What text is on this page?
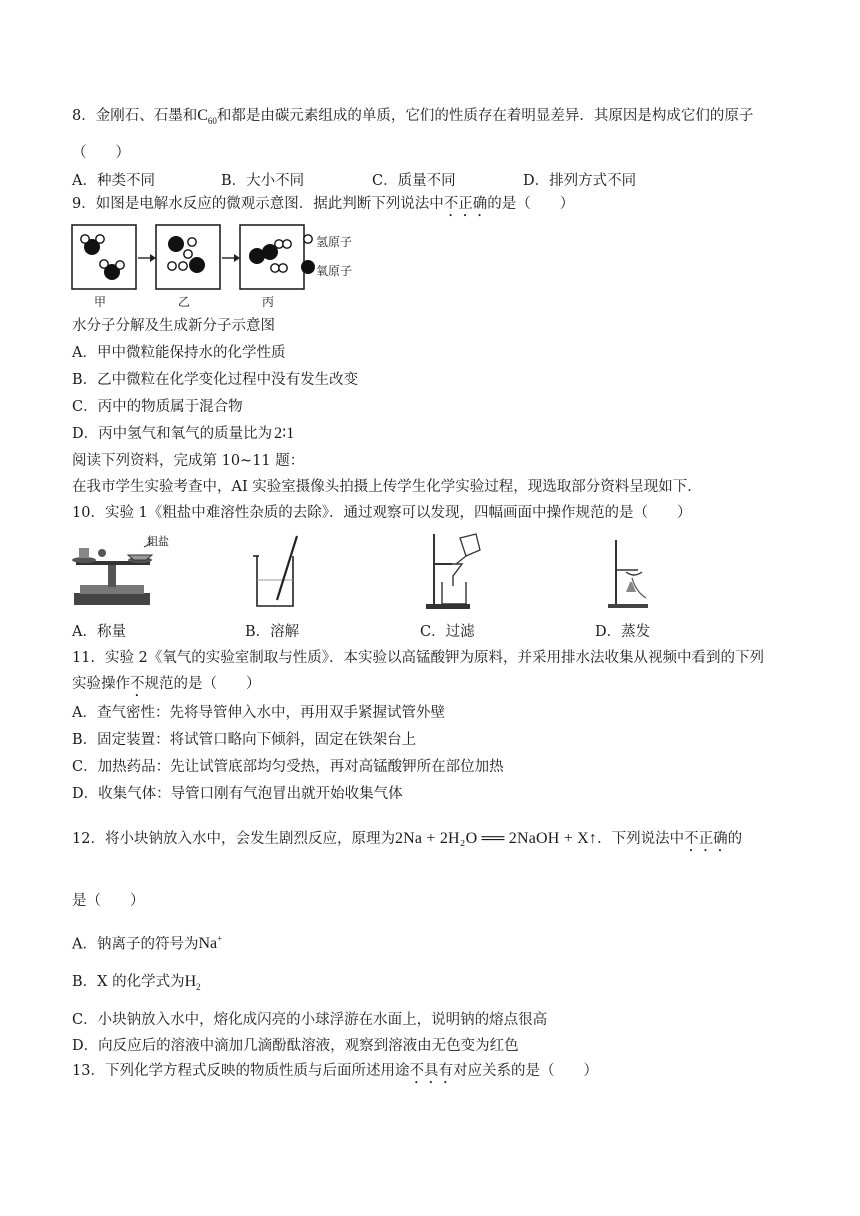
8．金刚石、石墨和$C_{60}$和都是由碳元素组成的单质，它们的性质存在着明显差异．其原因是构成它们的原子
（　　）
A．种类不同	B．大小不同	C．质量不同	D．排列方式不同
9．如图是电解水反应的微观示意图．据此判断下列说法中不正确的是（　　）
氢原子
氧原子
甲	乙	丙
水分子分解及生成新分子示意图
A．甲中微粒能保持水的化学性质
B．乙中微粒在化学变化过程中没有发生改变
C．丙中的物质属于混合物
D．丙中氢气和氧气的质量比为 2∶1
阅读下列资料，完成第 10~11 题：
在我市学生实验考查中，AI 实验室摄像头拍摄上传学生化学实验过程，现选取部分资料呈现如下．
10．实验 1《粗盐中难溶性杂质的去除》．通过观察可以发现，四幅画面中操作规范的是（　　）
粗盐
A．称量	B．溶解	C．过滤	D．蒸发
11．实验 2《氧气的实验室制取与性质》．本实验以高锰酸钾为原料，并采用排水法收集从视频中看到的下列
实验操作不规范的是（　　）
A．查气密性：先将导管伸入水中，再用双手紧握试管外壁
B．固定装置：将试管口略向下倾斜，固定在铁架台上
C．加热药品：先让试管底部均匀受热，再对高锰酸钾所在部位加热
D．收集气体：导管口刚有气泡冒出就开始收集气体
12．将小块钠放入水中，会发生剧烈反应，原理为2Na + 2H₂O ══ 2NaOH + X↑．下列说法中不正确的
是（　　）
A．钠离子的符号为Na+
B．X 的化学式为$H_2$
C．小块钠放入水中，熔化成闪亮的小球浮游在水面上，说明钠的熔点很高
D．向反应后的溶液中滴加几滴酚酞溶液，观察到溶液由无色变为红色
13．下列化学方程式反映的物质性质与后面所述用途不具有对应关系的是（　　）
